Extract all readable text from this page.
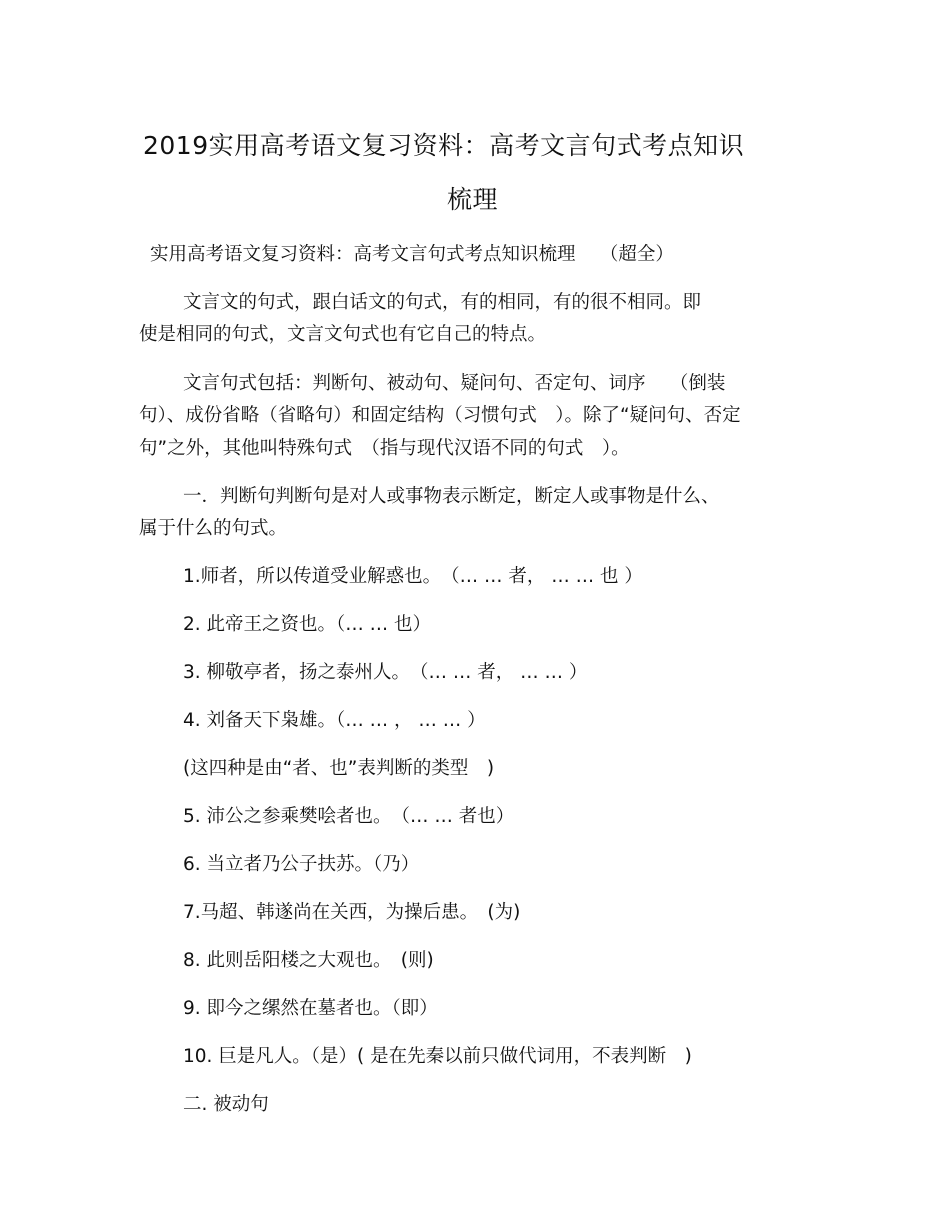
2019实用高考语文复习资料：高考文言句式考点知识
梳理
实用高考语文复习资料：高考文言句式考点知识梳理　 （超全）
文言文的句式，跟白话文的句式，有的相同，有的很不相同。即
使是相同的句式，文言文句式也有它自己的特点。
文言句式包括：判断句、被动句、疑问句、否定句、词序　 （倒装
句）、成份省略（省略句）和固定结构（习惯句式　）。除了“疑问句、否定
句”之外，其他叫特殊句式　（指与现代汉语不同的句式　）。
一．判断句判断句是对人或事物表示断定，断定人或事物是什么、
属于什么的句式。
1.师者，所以传道受业解惑也。　（… … 者， … … 也 ）
2. 此帝王之资也。（… … 也）
3. 柳敬亭者，扬之泰州人。　（… … 者， … … ）
4. 刘备天下枭雄。（… … ， … … ）
(这四种是由“者、也”表判断的类型　)
5. 沛公之参乘樊哙者也。　（… … 者也）
6. 当立者乃公子扶苏。（乃）
7.马超、韩遂尚在关西，为操后患。　(为)
8. 此则岳阳楼之大观也。　(则)
9. 即今之缧然在墓者也。（即）
10. 巨是凡人。（是）( 是在先秦以前只做代词用，不表判断　)
二. 被动句
